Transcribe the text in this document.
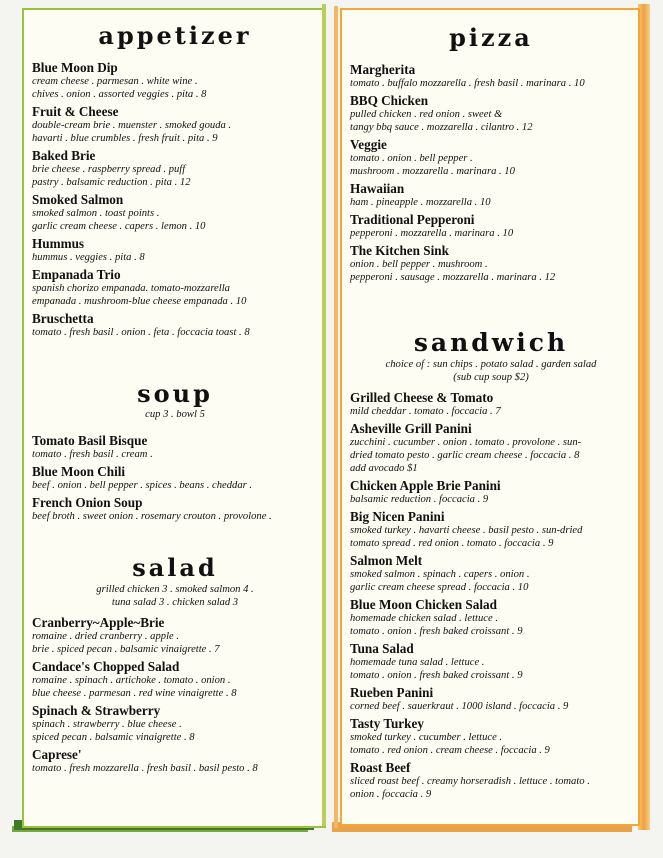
appetizer

Blue Moon Dip

cream cheese . parmesan . white wine .

chives . onion . assorted veggies . pita . 8

Fruit & Cheese

double-cream brie . muenster . smoked gouda .

havarti . blue crumbles . fresh fruit . pita . 9

Baked Brie

brie cheese . raspberry spread . puff

pastry . balsamic reduction . pita . 12

Smoked Salmon

smoked salmon . toast points .

garlic cream cheese . capers . lemon . 10

Hummus

hummus . veggies . pita . 8

Empanada Trio

spanish chorizo empanada. tomato-mozzarella

empanada . mushroom-blue cheese empanada . 10

Bruschetta

tomato . fresh basil . onion . feta . foccacia toast . 8

soup

cup 3 . bowl 5

Tomato Basil Bisque

tomato . fresh basil . cream .

Blue Moon Chili

beef . onion . bell pepper . spices . beans . cheddar .

French Onion Soup

beef broth . sweet onion . rosemary crouton . provolone .

salad

grilled chicken 3 . smoked salmon 4 .

tuna salad 3 . chicken salad 3

Cranberry~Apple~Brie

romaine . dried cranberry . apple .

brie . spiced pecan . balsamic vinaigrette . 7

Candace's Chopped Salad

romaine . spinach . artichoke . tomato . onion .

blue cheese . parmesan . red wine vinaigrette . 8

Spinach & Strawberry

spinach . strawberry . blue cheese .

spiced pecan . balsamic vinaigrette . 8

Caprese'

tomato . fresh mozzarella . fresh basil . basil pesto . 8

pizza

Margherita

tomato . buffalo mozzarella . fresh basil . marinara . 10

BBQ Chicken

pulled chicken . red onion . sweet &

tangy bbq sauce . mozzarella . cilantro . 12

Veggie

tomato . onion . bell pepper .

mushroom . mozzarella . marinara . 10

Hawaiian

ham . pineapple . mozzarella . 10

Traditional Pepperoni

pepperoni . mozzarella . marinara . 10

The Kitchen Sink

onion . bell pepper . mushroom .

pepperoni . sausage . mozzarella . marinara . 12

sandwich

choice of : sun chips . potato salad . garden salad

(sub cup soup $2)

Grilled Cheese & Tomato

mild cheddar . tomato . foccacia . 7

Asheville Grill Panini

zucchini . cucumber . onion . tomato . provolone . sun-

dried tomato pesto . garlic cream cheese . foccacia . 8

add avocado $1

Chicken Apple Brie Panini

balsamic reduction . foccacia . 9

Big Nicen Panini

smoked turkey . havarti cheese . basil pesto . sun-dried

tomato spread . red onion . tomato . foccacia . 9

Salmon Melt

smoked salmon . spinach . capers . onion .

garlic cream cheese spread . foccacia . 10

Blue Moon Chicken Salad

homemade chicken salad . lettuce .

tomato . onion . fresh baked croissant . 9

Tuna Salad

homemade tuna salad . lettuce .

tomato . onion . fresh baked croissant . 9

Rueben Panini

corned beef . sauerkraut . 1000 island . foccacia . 9

Tasty Turkey

smoked turkey . cucumber . lettuce .

tomato . red onion . cream cheese . foccacia . 9

Roast Beef

sliced roast beef . creamy horseradish . lettuce . tomato .

onion . foccacia . 9
